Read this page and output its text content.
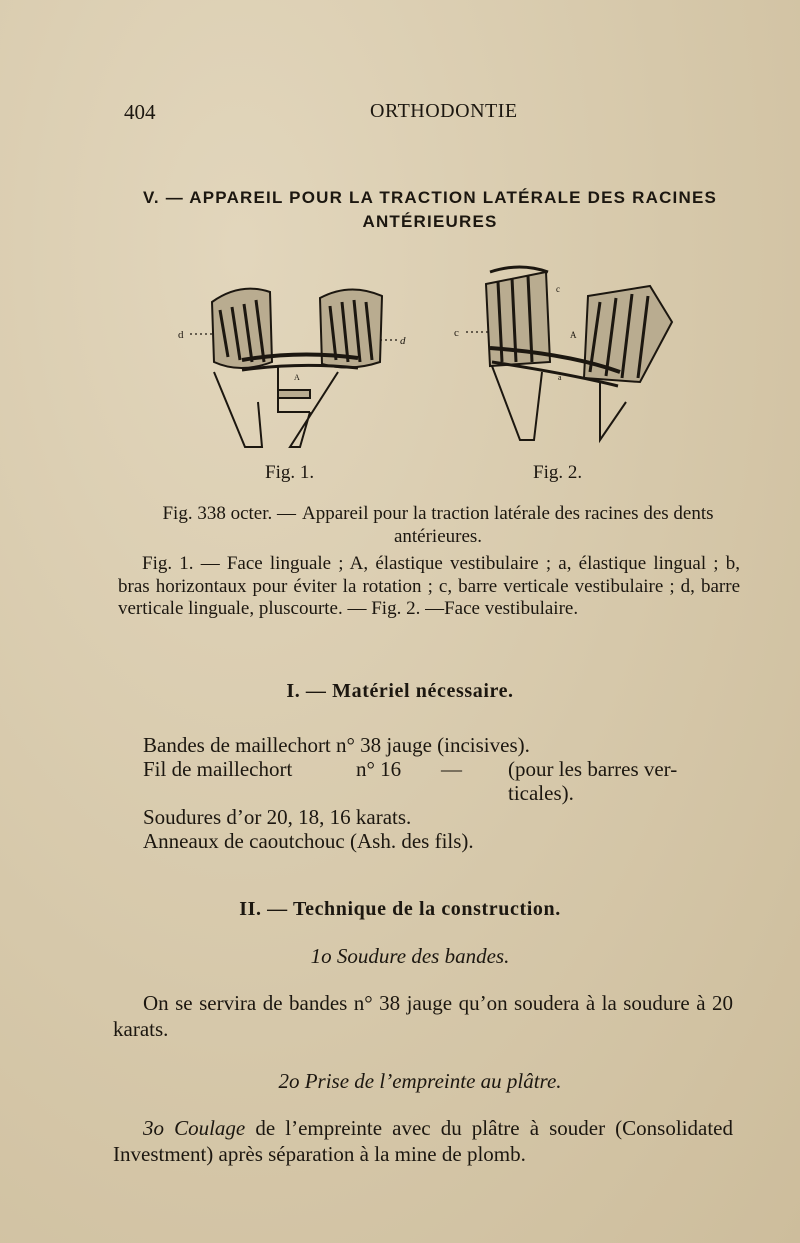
404	ORTHODONTIE
V. — APPAREIL POUR LA TRACTION LATÉRALE DES RACINES
ANTÉRIEURES
d	d
A
c
c
A
a
Fig. 1.	Fig. 2.
Fig. 338 octer. — Appareil pour la traction latérale des racines des dents antérieures.

Fig. 1. — Face linguale ; A, élastique vestibulaire ; a, élastique lingual ; b, bras horizontaux pour éviter la rotation ; c, barre verticale vestibulaire ; d, barre verticale linguale, pluscourte. — Fig. 2. —Face vestibulaire.

I. — Matériel nécessaire.
Bandes de maillechort n° 38 jauge (incisives).
Fil de maillechort	n° 16 — (pour les barres ver-
ticales).
Soudures d’or 20, 18, 16 karats.
Anneaux de caoutchouc (Ash. des fils).
II. — Technique de la construction.
1o Soudure des bandes.

On se servira de bandes n° 38 jauge qu’on soudera à la soudure à 20 karats.

2o Prise de l’empreinte au plâtre.

3o Coulage de l’empreinte avec du plâtre à souder (Consolidated Investment) après séparation à la mine de plomb.
